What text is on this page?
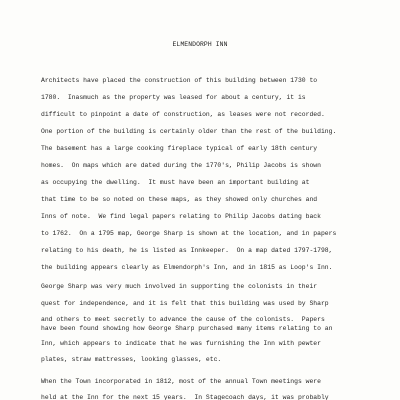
ELMENDORPH INN
Architects have placed the construction of this building between 1730 to
1780.  Inasmuch as the property was leased for about a century, it is
difficult to pinpoint a date of construction, as leases were not recorded.
One portion of the building is certainly older than the rest of the building.
The basement has a large cooking fireplace typical of early 18th century
homes.  On maps which are dated during the 1770's, Philip Jacobs is shown
as occupying the dwelling.  It must have been an important building at
that time to be so noted on these maps, as they showed only churches and
Inns of note.  We find legal papers relating to Philip Jacobs dating back
to 1762.  On a 1795 map, George Sharp is shown at the location, and in papers
relating to his death, he is listed as Innkeeper.  On a map dated 1797-1798,
the building appears clearly as Elmendorph's Inn, and in 1815 as Loop's Inn.
George Sharp was very much involved in supporting the colonists in their
quest for independence, and it is felt that this building was used by Sharp
and others to meet secretly to advance the cause of the colonists.  Papers
have been found showing how George Sharp purchased many items relating to an
Inn, which appears to indicate that he was furnishing the Inn with pewter
plates, straw mattresses, looking glasses, etc.
When the Town incorporated in 1812, most of the annual Town meetings were
held at the Inn for the next 15 years.  In Stagecoach days, it was probably
